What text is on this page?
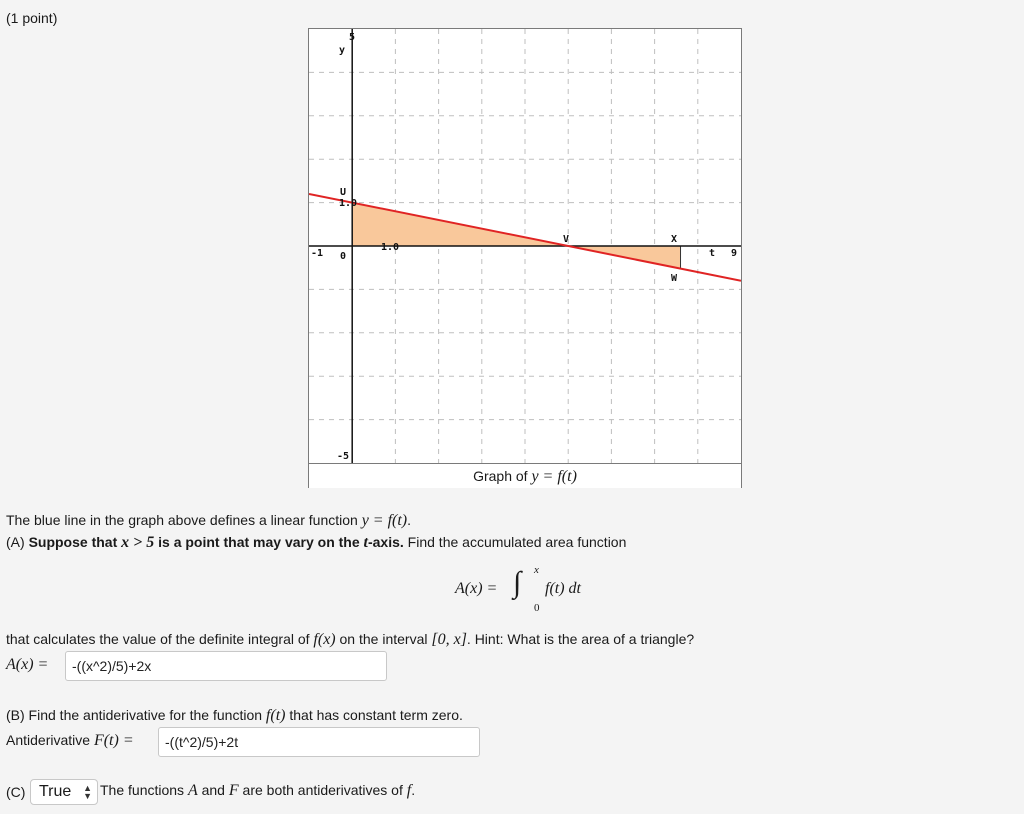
(1 point)
y
5
-5
-1	9
t
0
U
1.0
1.0
V	X
W
Graph of y = f(t)
The blue line in the graph above defines a linear function y = f(t).
(A) Suppose that x > 5 is a point that may vary on the t-axis. Find the accumulated area function
A(x) = ∫ x
0
f(t) dt
that calculates the value of the definite integral of f(x) on the interval [0, x]. Hint: What is the area of a triangle?
A(x) =	-((x^2)/5)+2x
(B) Find the antiderivative for the function f(t) that has constant term zero.
Antiderivative F(t) =	-((t^2)/5)+2t
(C) True ▲
▼ The functions A and F are both antiderivatives of f.
